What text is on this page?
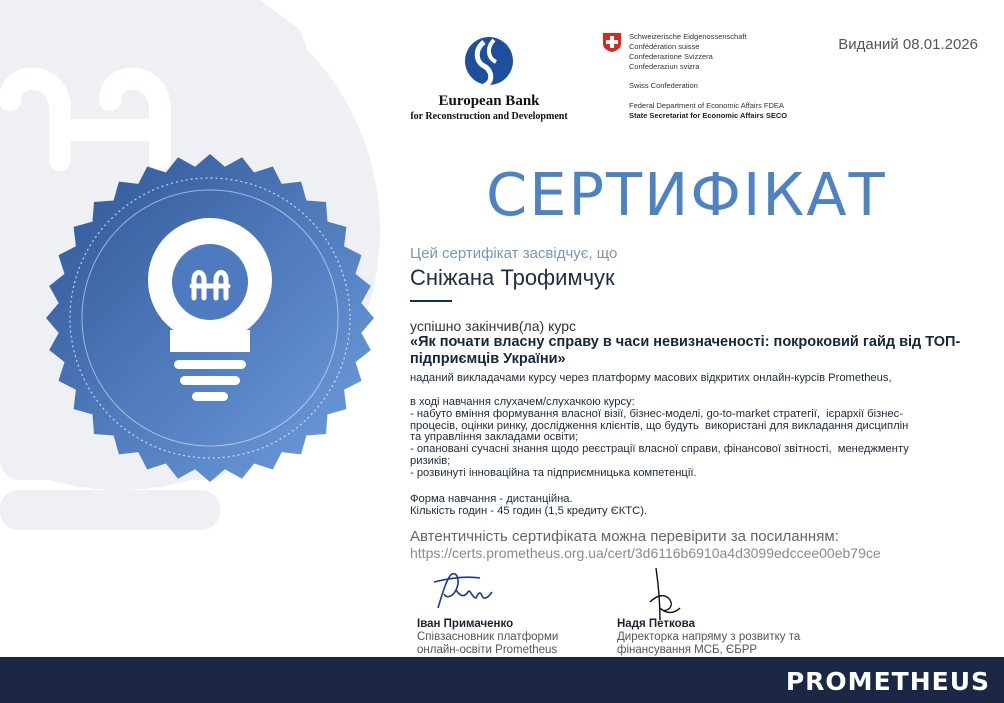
European Bank
for Reconstruction and Development
Schweizerische Eidgenossenschaft
Confédération suisse
Confederazione Svizzera
Confederaziun svizra
Swiss Confederation
Federal Department of Economic Affairs FDEA
State Secretariat for Economic Affairs SECO
Виданий 08.01.2026
СЕРТИФІКАТ
Цей сертифікат засвідчує, що
Сніжана Трофимчук
успішно закінчив(ла) курс
«Як почати власну справу в часи невизначеності: покроковий гайд від ТОП-підприємців України»
наданий викладачами курсу через платформу масових відкритих онлайн-курсів Prometheus,
в ході навчання слухачем/слухачкою курсу:
- набуто вміння формування власної візії, бізнес-моделі, go-to-market стратегії,  ієрархії бізнес-
процесів, оцінки ринку, дослідження клієнтів, що будуть  використані для викладання дисциплін
та управління закладами освіти;
- опановані сучасні знання щодо реєстрації власної справи, фінансової звітності,  менеджменту
ризиків;
- розвинуті інноваційна та підприємницька компетенції.
Форма навчання - дистанційна.
Кількість годин - 45 годин (1,5 кредиту ЄКТС).
Автентичність сертифіката можна перевірити за посиланням:
https://certs.prometheus.org.ua/cert/3d6116b6910a4d3099edccee00eb79ce
Іван Примаченко
Співзасновник платформи
онлайн-освіти Prometheus
Надя Петкова
Директорка напряму з розвитку та
фінансування МСБ, ЄБРР
PROMETHEUS
